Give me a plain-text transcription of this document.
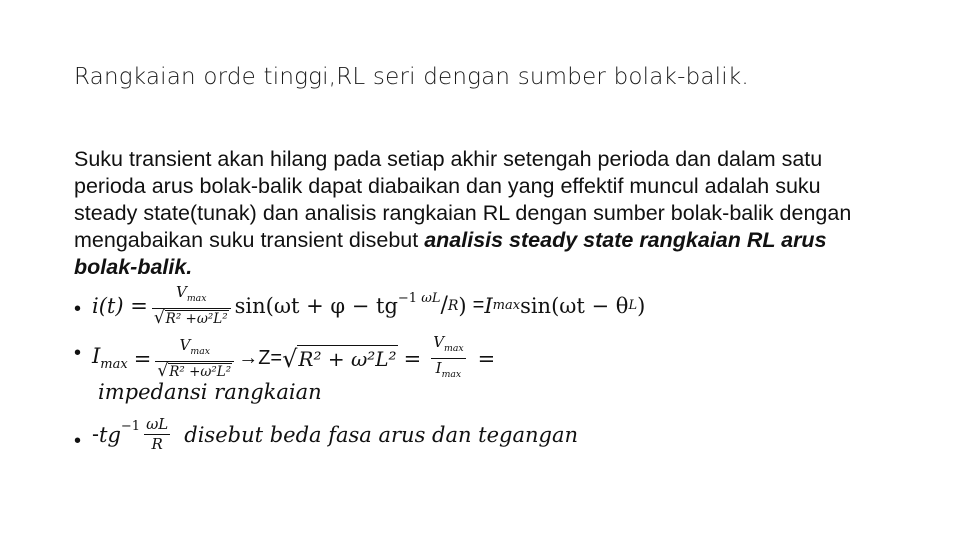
Rangkaian orde tinggi,RL seri dengan sumber bolak-balik.
Suku transient akan hilang pada setiap akhir setengah perioda dan dalam satu perioda arus bolak-balik dapat diabaikan dan yang effektif muncul adalah suku steady state(tunak) dan analisis rangkaian RL dengan sumber bolak-balik dengan mengabaikan suku transient disebut analisis steady state rangkaian RL arus bolak-balik.
• $i(t) = \frac{V_{max}}{\text{√ R² +ω²L²}} \sin(\omega t + \varphi$ − tg $^{-1 \omega L}$ / R ) = I max sin(ωt − θ L )
• $I_{max} = \frac{V_{max}}{\text{√ R² +ω²L²}} \to Z=$ √ $R^2 + \omega^2L^2 = \frac{V_{max}}{I_{max}}$ =
impedansi rangkaian
• - $tg^{-1} \frac{\omega L}{R}$ disebut beda fasa arus dan tegangan
